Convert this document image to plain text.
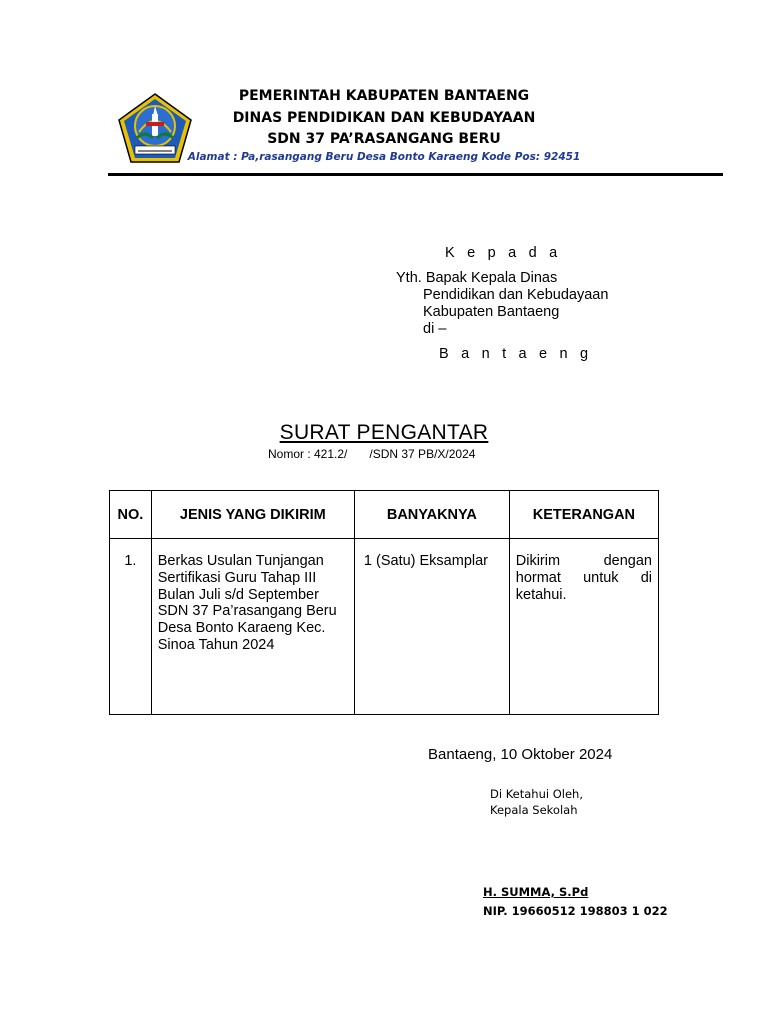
PEMERINTAH KABUPATEN BANTAENG
DINAS PENDIDIKAN DAN KEBUDAYAAN
SDN 37 PA’RASANGANG BERU
Alamat : Pa,rasangang Beru Desa Bonto Karaeng Kode Pos: 92451
K e p a d a
Yth. Bapak Kepala Dinas
Pendidikan dan Kebudayaan
Kabupaten Bantaeng
di –
B a n t a e n g
SURAT PENGANTAR
Nomor : 421.2/ /SDN 37 PB/X/2024
NO.	JENIS YANG DIKIRIM	BANYAKNYA	KETERANGAN
1.	Berkas Usulan Tunjangan Sertifikasi Guru Tahap III Bulan Juli s/d September SDN 37 Pa’rasangang Beru Desa Bonto Karaeng Kec. Sinoa Tahun 2024	1 (Satu) Eksamplar	Dikirim dengan hormat untuk di ketahui.
Bantaeng, 10 Oktober 2024
Di Ketahui Oleh,
Kepala Sekolah
H. SUMMA, S.Pd
NIP. 19660512 198803 1 022
